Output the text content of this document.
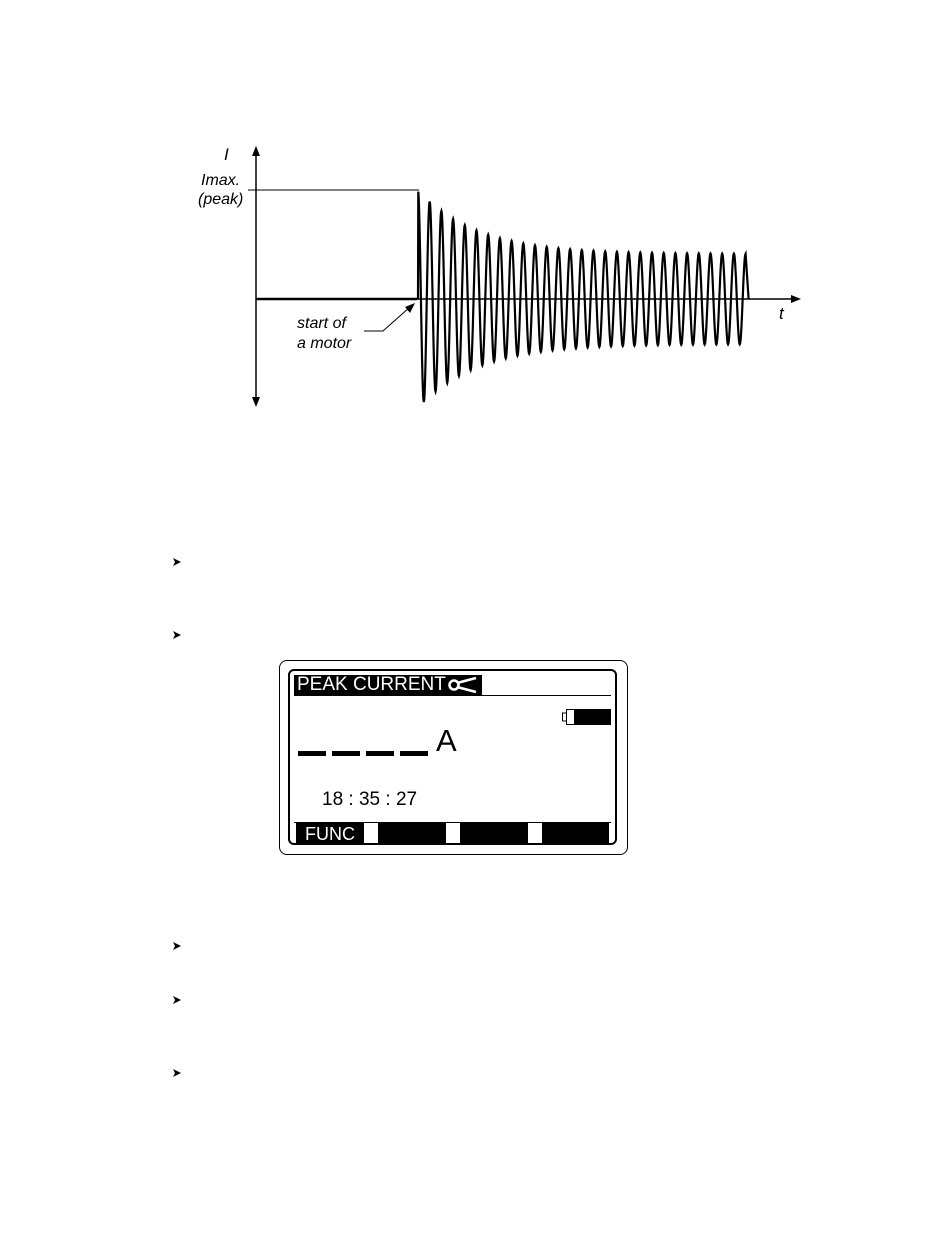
I
Imax.
(peak)
t
start of
a motor
PEAK CURRENT
A
18 : 35 : 27
FUNC
